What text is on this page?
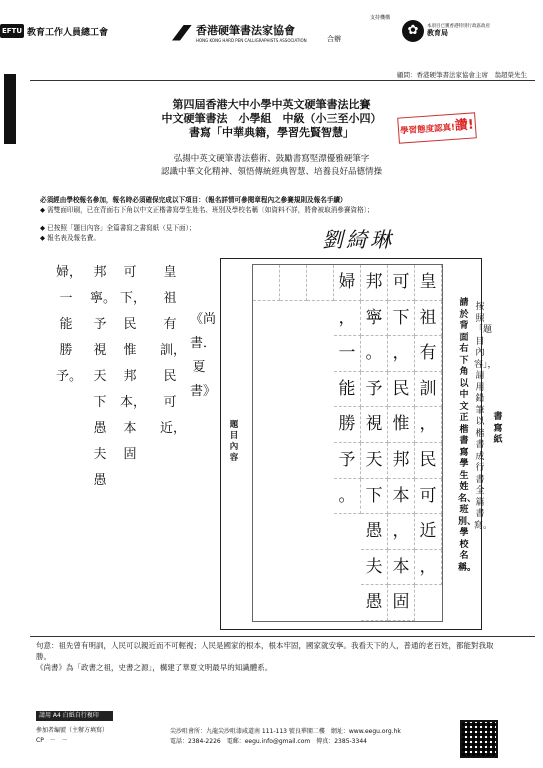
EFTU 教育工作人員總工會	香港硬筆書法家協會
HONG KONG HARD PEN CALLIGRAPHISTS ASSOCIATION	合辦
支持機構
✿	本項目已獲香港特別行政區政府
教育局
顧問：香港硬筆書法家協會主席　翁超榮先生
第四屆香港大中小學中英文硬筆書法比賽
中文硬筆書法　小學組　中級（小三至小四）
書寫「中華典籍，學習先賢智慧」	學習態度認真!讚!
弘揚中英文硬筆書法藝術、鼓勵書寫堅漂優雅硬筆字
認識中華文化精神、領悟傳統經典智慧、培養良好品德情操
必須經由學校報名參加，報名時必須確保完成以下項目：（報名詳情可參閱章程內之參賽規則及報名手續）
◆ 需雙面印刷，已在背面右下角以中文正楷書寫學生姓名、班別及學校名稱〔如資料不詳，將會被取消參賽資格〕；
◆ 已按照「題目內容」全篇書寫之書寫紙（見下面）；
◆ 報名表及報名費。	劉綺琳
皇祖有訓，民可近，
可下，民惟邦本，本固
邦寧。予視天下愚夫愚
婦，一能勝予。
《尚書．夏書》
題目內容
皇
祖
有
訓
，
民
可
近
，
可
下
，
民
惟
邦
本
，
本
固
邦
寧
。
予
視
天
下
愚
夫
愚
婦
，
一
能
勝
予
。
按照「題目內容」，請用鉛筆以楷書成行書全篇書寫。
請於背面右下角以中文正楷書寫學生姓名、班別、學校名稱。
書寫紙
句意：祖先曾有明訓，人民可以親近而不可輕視；人民是國家的根本，根本牢固，國家就安寧。我看天下的人，普通的老百姓，都能對我取勝。
《尚書》為「政書之祖，史書之源」，構建了華夏文明最早的知識體系。
請用 A4 白紙自行複印
參加者編號（主辦方填寫）
CP　－　－
尖沙咀會所：九龍尖沙咀漆咸道南 111-113 號良華閣二樓　網址：www.eegu.org.hk
電話：2384-2226　電郵：eegu.info@gmail.com　傳真：2385-3344
